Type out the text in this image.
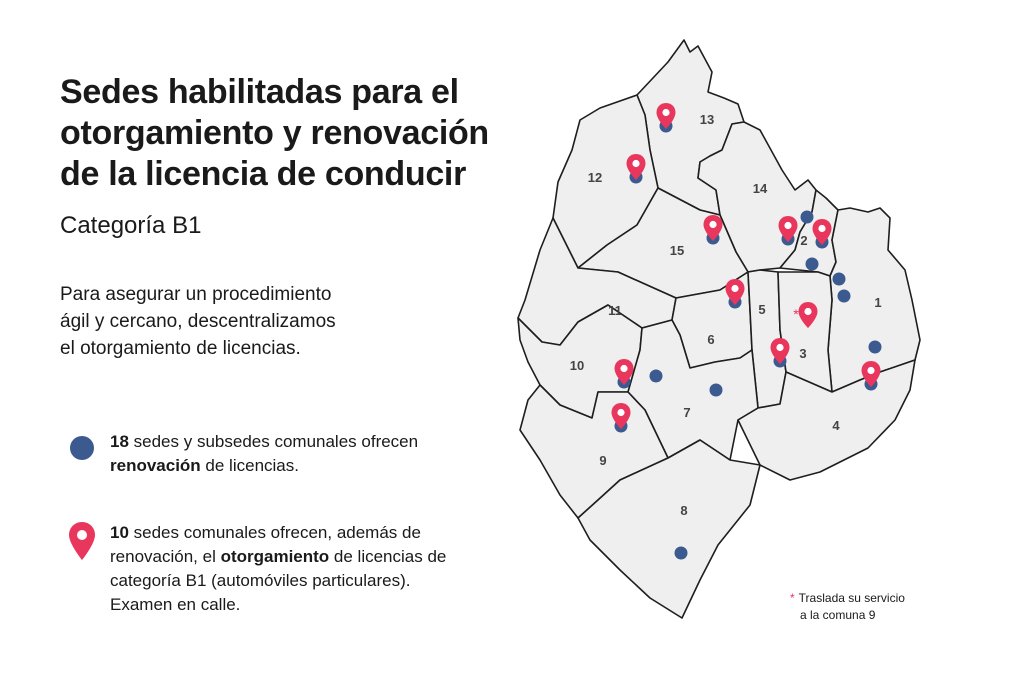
Sedes habilitadas para el
otorgamiento y renovación
de la licencia de conducir
Categoría B1

Para asegurar un procedimiento
ágil y cercano, descentralizamos
el otorgamiento de licencias.

18 sedes y subsedes comunales ofrecen
renovación de licencias.
10 sedes comunales ofrecen, además de
renovación, el otorgamiento de licencias de
categoría B1 (automóviles particulares).
Examen en calle.
1
2
3
4
5
6
7
8
9
10
11
12
13
14
15
*
* Traslada su servicio
a la comuna 9
